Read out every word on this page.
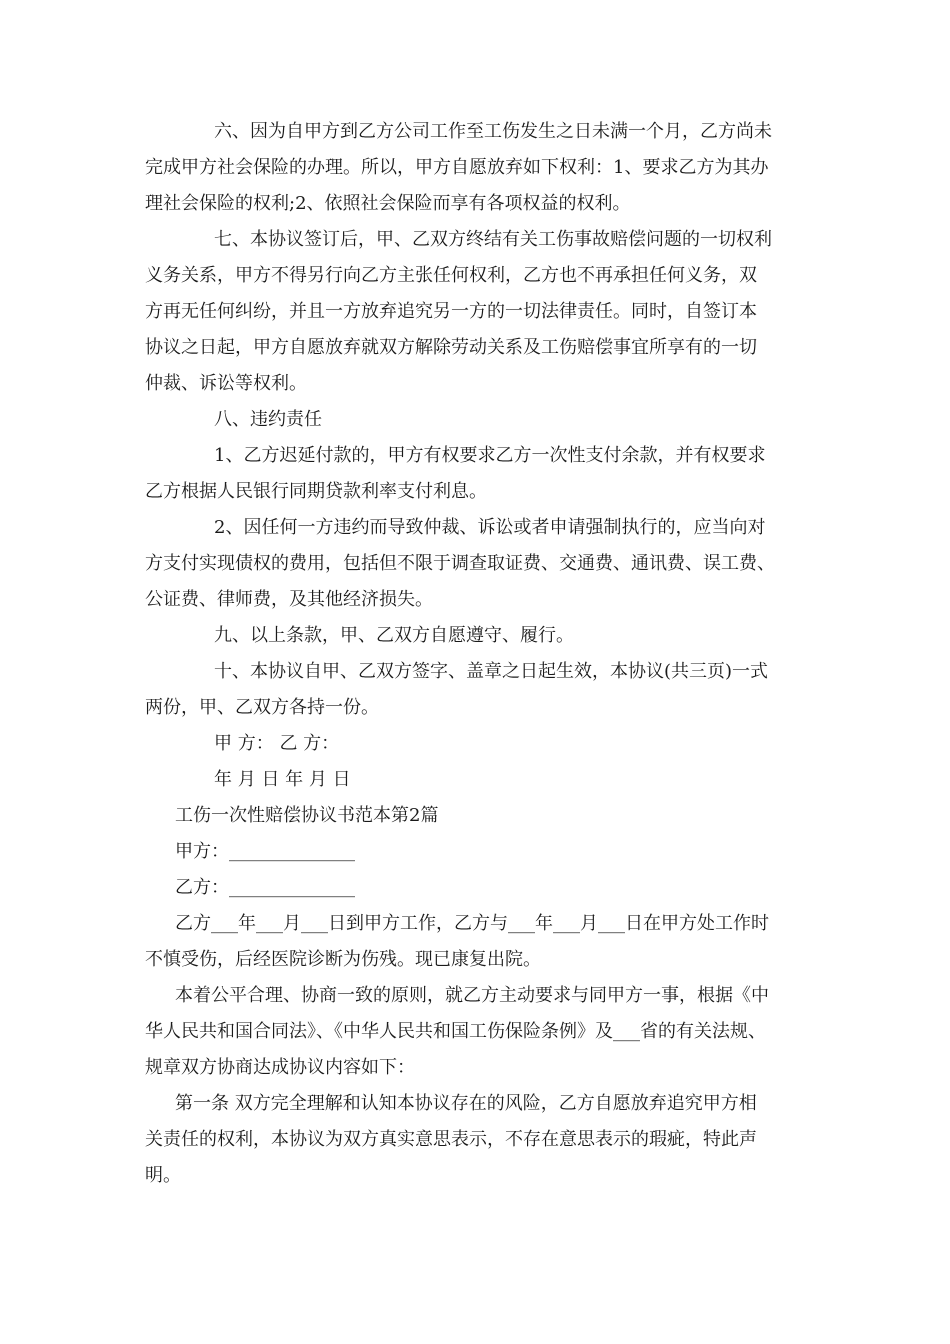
六、因为自甲方到乙方公司工作至工伤发生之日未满一个月，乙方尚未
完成甲方社会保险的办理。所以，甲方自愿放弃如下权利：1、要求乙方为其办
理社会保险的权利;2、依照社会保险而享有各项权益的权利。
七、本协议签订后，甲、乙双方终结有关工伤事故赔偿问题的一切权利
义务关系，甲方不得另行向乙方主张任何权利，乙方也不再承担任何义务，双
方再无任何纠纷，并且一方放弃追究另一方的一切法律责任。同时，自签订本
协议之日起，甲方自愿放弃就双方解除劳动关系及工伤赔偿事宜所享有的一切
仲裁、诉讼等权利。
八、违约责任
1、乙方迟延付款的，甲方有权要求乙方一次性支付余款，并有权要求
乙方根据人民银行同期贷款利率支付利息。
2、因任何一方违约而导致仲裁、诉讼或者申请强制执行的，应当向对
方支付实现债权的费用，包括但不限于调查取证费、交通费、通讯费、误工费、
公证费、律师费，及其他经济损失。
九、以上条款，甲、乙双方自愿遵守、履行。
十、本协议自甲、乙双方签字、盖章之日起生效，本协议(共三页)一式
两份，甲、乙双方各持一份。
甲 方： 乙 方：
年 月 日 年 月 日
工伤一次性赔偿协议书范本第2篇
甲方：______________
乙方：______________
乙方___年___月___日到甲方工作，乙方与___年___月___日在甲方处工作时
不慎受伤，后经医院诊断为伤残。现已康复出院。
本着公平合理、协商一致的原则，就乙方主动要求与同甲方一事，根据《中
华人民共和国合同法》、《中华人民共和国工伤保险条例》及___省的有关法规、
规章双方协商达成协议内容如下：
第一条 双方完全理解和认知本协议存在的风险，乙方自愿放弃追究甲方相
关责任的权利，本协议为双方真实意思表示，不存在意思表示的瑕疵，特此声
明。
